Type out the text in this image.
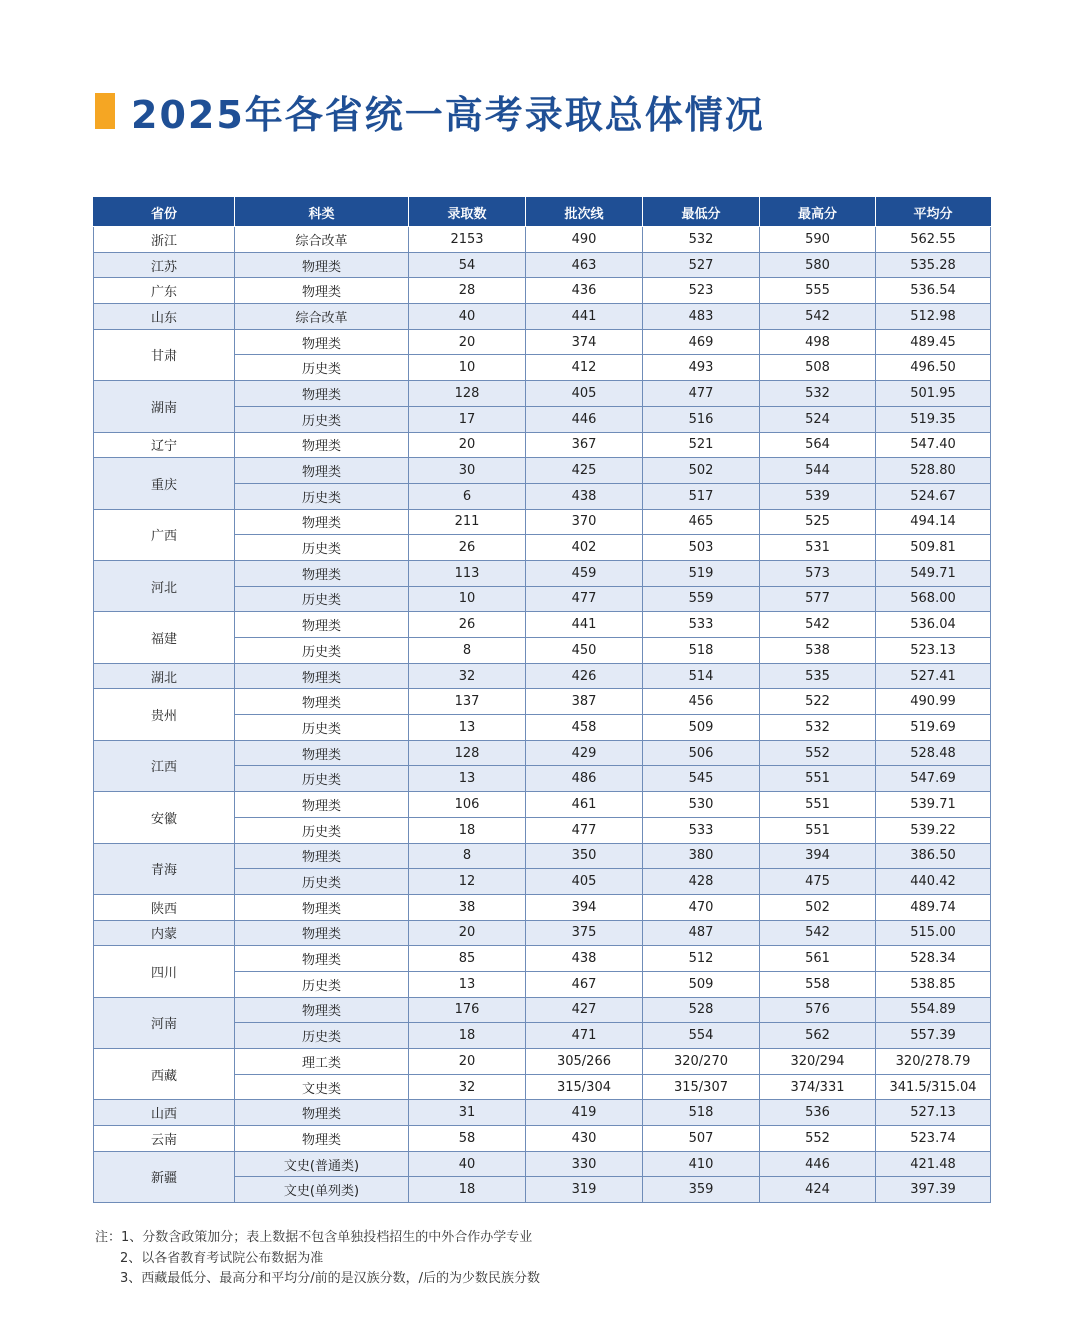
2025年各省统一高考录取总体情况
省份	科类	录取数	批次线	最低分	最高分	平均分
浙江	综合改革	2153	490	532	590	562.55
江苏	物理类	54	463	527	580	535.28
广东	物理类	28	436	523	555	536.54
山东	综合改革	40	441	483	542	512.98
甘肃	物理类	20	374	469	498	489.45
	历史类	10	412	493	508	496.50
湖南	物理类	128	405	477	532	501.95
	历史类	17	446	516	524	519.35
辽宁	物理类	20	367	521	564	547.40
重庆	物理类	30	425	502	544	528.80
	历史类	6	438	517	539	524.67
广西	物理类	211	370	465	525	494.14
	历史类	26	402	503	531	509.81
河北	物理类	113	459	519	573	549.71
	历史类	10	477	559	577	568.00
福建	物理类	26	441	533	542	536.04
	历史类	8	450	518	538	523.13
湖北	物理类	32	426	514	535	527.41
贵州	物理类	137	387	456	522	490.99
	历史类	13	458	509	532	519.69
江西	物理类	128	429	506	552	528.48
	历史类	13	486	545	551	547.69
安徽	物理类	106	461	530	551	539.71
	历史类	18	477	533	551	539.22
青海	物理类	8	350	380	394	386.50
	历史类	12	405	428	475	440.42
陕西	物理类	38	394	470	502	489.74
内蒙	物理类	20	375	487	542	515.00
四川	物理类	85	438	512	561	528.34
	历史类	13	467	509	558	538.85
河南	物理类	176	427	528	576	554.89
	历史类	18	471	554	562	557.39
西藏	理工类	20	305/266	320/270	320/294	320/278.79
	文史类	32	315/304	315/307	374/331	341.5/315.04
山西	物理类	31	419	518	536	527.13
云南	物理类	58	430	507	552	523.74
新疆	文史(普通类)	40	330	410	446	421.48
	文史(单列类)	18	319	359	424	397.39
注：1、分数含政策加分；表上数据不包含单独投档招生的中外合作办学专业
2、以各省教育考试院公布数据为准
3、西藏最低分、最高分和平均分/前的是汉族分数，/后的为少数民族分数
